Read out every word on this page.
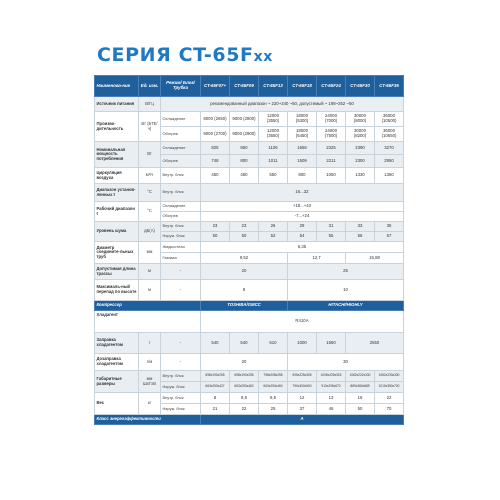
СЕРИЯ CT-65Fxx
Наименова-ние	Ед. изм.	Режим/ Блок/ Трубка	CT-65F07+	CT-65F09	CT-65F12	CT-65F18	CT-65F24	CT-65F30	CT-65F36	
Источник питания	В/Гц	рекомендованный диапазон ~ 220~240 ~50, допустимый ~ 198~252 ~50								
Произво-дительность	Вт (БТЕ/ч)	Охлаждение	9000 (2650)	9000 (2800)	12000 (3550)	18000 (5300)	24000 (7000)	30000 (8000)	36000 (10500)	
		Обогрев	9000 (2700)	9000 (2900)	12000 (3650)	18000 (5450)	24000 (7500)	30000 (8200)	36000 (10650)	
Номинальная мощность потребления	Вт	Охлаждение	825	860	1106	1656	2325	2390	3270	
		Обогрев	748	800	1011	1509	2211	2300	2950	
Циркуляция воздуха	м³/ч	Внутр. блок	450	480	550	800	1050	1330	1350	
Диапазон установ-ленных t	°С	Внутр. блок	16...32							
Рабочий диапазон t	°С	Охлаждение	+18...+43							
		Обогрев	-7...+24							
Уровень шума	дБ(А)	Внутр. блок	23	23	26	29	31	33	36	
		Наруж. блок	50	50	52	54	55	56	57	
Диаметр соедините-льных труб	мм	Жидкостная	6,35							
		Газовая	9,52			12,7		15,88		
Допустимая длина трассы	м	-	20			25				
Максималь-ный перепад по высоте	м	-	8			10				
Компрессор			TOSHIBA/GMCC			HITACHI/HIGHLY				
Хладагент			R410A							
Заправка хладагентом	г	-	540	540	610	1000	1560	2550	
Дозаправка хладагентом	г/м	-	20			30				
Габаритные размеры	мм ШхГхВ	Внутр. блок	698x190x255	698x190x255	798x208x255	905x225x305	1005x225x315	1082x222x330	1082x233x330	
		Наруж. блок	663x253x427	663x253x460	663x253x460	790x300x500	910x295x670	889x380x685	1010x350x700	
Вес	кг	Внутр. блок	8	8,5	9,5	12	13	16	22	
		Наруж. блок	21	22	25	37	46	50	70	
Класс энергоэффективности			A							
